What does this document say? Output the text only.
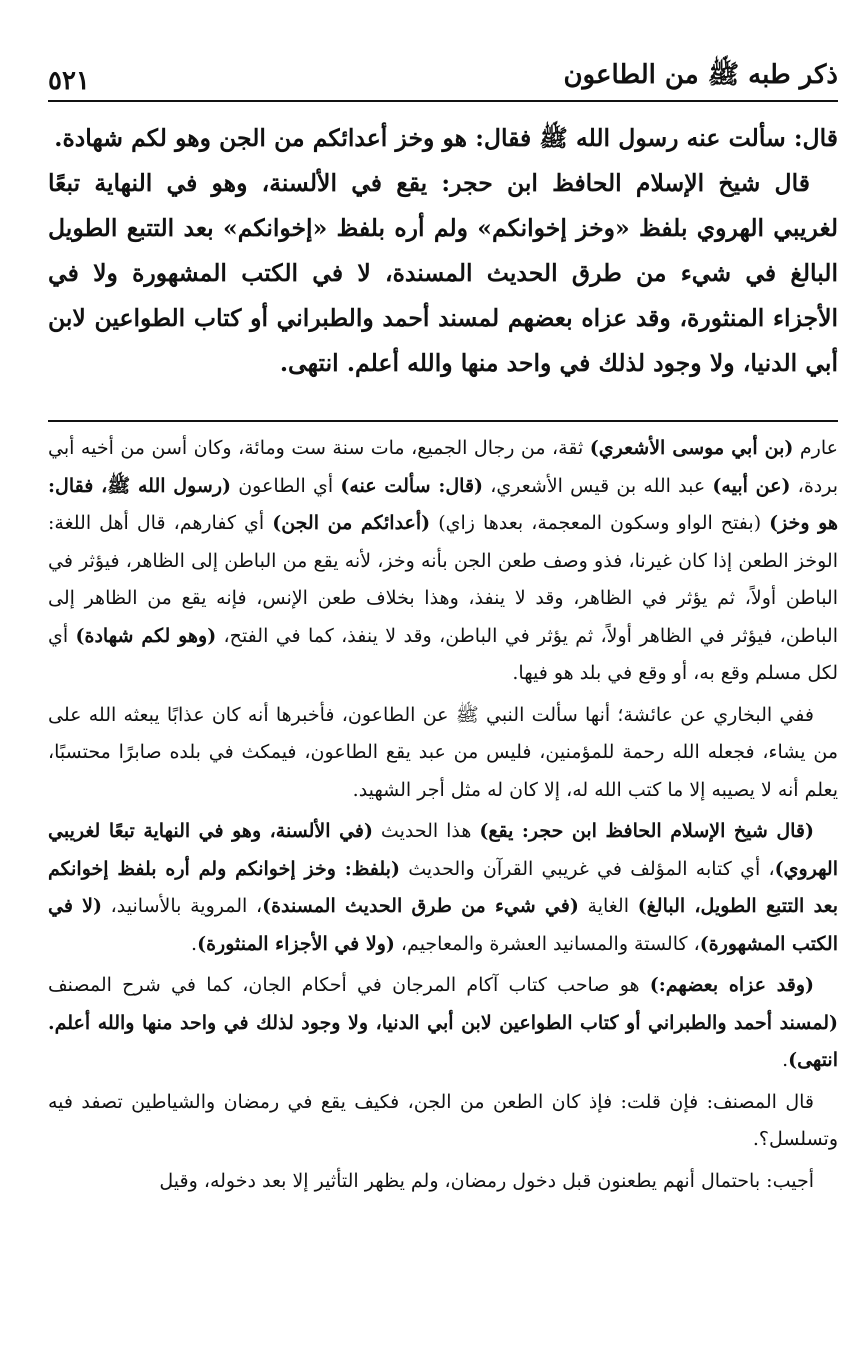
ذكر طبه ﷺ من الطاعون
٥٢١

قال: سألت عنه رسول الله ﷺ فقال: هو وخز أعدائكم من الجن وهو لكم شهادة.

قال شيخ الإسلام الحافظ ابن حجر: يقع في الألسنة، وهو في النهاية تبعًا لغريبي الهروي بلفظ «وخز إخوانكم» ولم أره بلفظ «إخوانكم» بعد التتبع الطويل البالغ في شيء من طرق الحديث المسندة، لا في الكتب المشهورة ولا في الأجزاء المنثورة، وقد عزاه بعضهم لمسند أحمد والطبراني أو كتاب الطواعين لابن أبي الدنيا، ولا وجود لذلك في واحد منها والله أعلم. انتهى.

عارم (بن أبي موسى الأشعري) ثقة، من رجال الجميع، مات سنة ست ومائة، وكان أسن من أخيه أبي بردة، (عن أبيه) عبد الله بن قيس الأشعري، (قال: سألت عنه) أي الطاعون (رسول الله ﷺ، فقال: هو وخز) (بفتح الواو وسكون المعجمة، بعدها زاي) (أعدائكم من الجن) أي كفارهم، قال أهل اللغة: الوخز الطعن إذا كان غيرنا، فذو وصف طعن الجن بأنه وخز، لأنه يقع من الباطن إلى الظاهر، فيؤثر في الباطن أولاً، ثم يؤثر في الظاهر، وقد لا ينفذ، وهذا بخلاف طعن الإنس، فإنه يقع من الظاهر إلى الباطن، فيؤثر في الظاهر أولاً، ثم يؤثر في الباطن، وقد لا ينفذ، كما في الفتح، (وهو لكم شهادة) أي لكل مسلم وقع به، أو وقع في بلد هو فيها.

ففي البخاري عن عائشة؛ أنها سألت النبي ﷺ عن الطاعون، فأخبرها أنه كان عذابًا يبعثه الله على من يشاء، فجعله الله رحمة للمؤمنين، فليس من عبد يقع الطاعون، فيمكث في بلده صابرًا محتسبًا، يعلم أنه لا يصيبه إلا ما كتب الله له، إلا كان له مثل أجر الشهيد.

(قال شيخ الإسلام الحافظ ابن حجر: يقع) هذا الحديث (في الألسنة، وهو في النهاية تبعًا لغريبي الهروي)، أي كتابه المؤلف في غريبي القرآن والحديث (بلفظ: وخز إخوانكم ولم أره بلفظ إخوانكم بعد التتبع الطويل، البالغ) الغاية (في شيء من طرق الحديث المسندة)، المروية بالأسانيد، (لا في الكتب المشهورة)، كالستة والمسانيد العشرة والمعاجيم، (ولا في الأجزاء المنثورة).

(وقد عزاه بعضهم:) هو صاحب كتاب آكام المرجان في أحكام الجان، كما في شرح المصنف (لمسند أحمد والطبراني أو كتاب الطواعين لابن أبي الدنيا، ولا وجود لذلك في واحد منها والله أعلم. انتهى).

قال المصنف: فإن قلت: فإذ كان الطعن من الجن، فكيف يقع في رمضان والشياطين تصفد فيه وتسلسل؟.

أجيب: باحتمال أنهم يطعنون قبل دخول رمضان، ولم يظهر التأثير إلا بعد دخوله، وقيل
